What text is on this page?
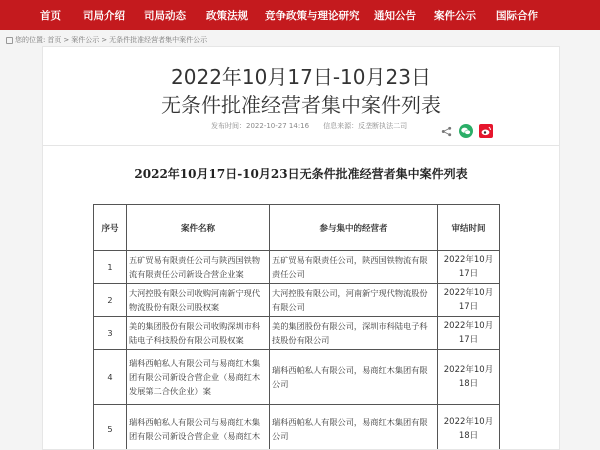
首页 司局介绍 司局动态 政策法规 竞争政策与理论研究 通知公告 案件公示 国际合作
您的位置: 首页 > 案件公示 > 无条件批准经营者集中案件公示
2022年10月17日-10月23日
无条件批准经营者集中案件列表
发布时间：2022-10-27 14:16 信息来源：反垄断执法二司
2022年10月17日-10月23日无条件批准经营者集中案件列表
序号	案件名称	参与集中的经营者	审结时间
1	五矿贸易有限责任公司与陕西国铁物流有限责任公司新设合营企业案	五矿贸易有限责任公司，陕西国铁物流有限责任公司	2022年10月17日
2	大河控股有限公司收购河南新宁现代物流股份有限公司股权案	大河控股有限公司，河南新宁现代物流股份有限公司	2022年10月17日
3	美的集团股份有限公司收购深圳市科陆电子科技股份有限公司股权案	美的集团股份有限公司，深圳市科陆电子科技股份有限公司	2022年10月17日
4	瑞科西帕私人有限公司与易商红木集团有限公司新设合营企业（易商红木发展第二合伙企业）案	瑞科西帕私人有限公司，易商红木集团有限公司	2022年10月18日
5	瑞科西帕私人有限公司与易商红木集团有限公司新设合营企业（易商红木	瑞科西帕私人有限公司，易商红木集团有限公司	2022年10月18日
